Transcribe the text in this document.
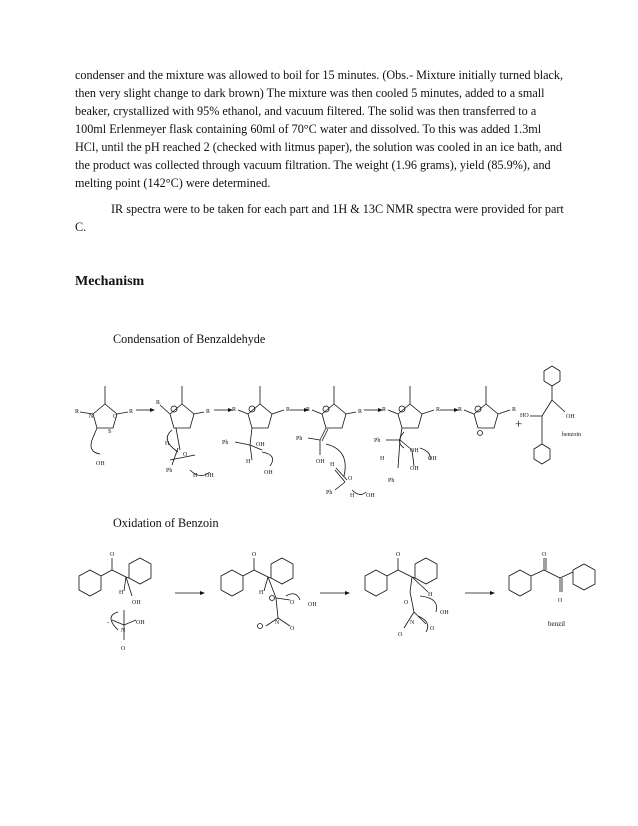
condenser and the mixture was allowed to boil for 15 minutes. (Obs.- Mixture initially turned black, then very slight change to dark brown) The mixture was then cooled 5 minutes, added to a small beaker, crystallized with 95% ethanol, and vacuum filtered. The solid was then transferred to a 100ml Erlenmeyer flask containing 60ml of 70°C water and dissolved. To this was added 1.3ml HCl, until the pH reached 2 (checked with litmus paper), the solution was cooled in an ice bath, and the product was collected through vacuum filtration. The weight (1.96 grams), yield (85.9%), and melting point (142°C) were determined.

IR spectra were to be taken for each part and 1H & 13C NMR spectra were provided for part C.

Mechanism
Condensation of Benzaldehyde
R	R
N	C
S
OH
R
R
H
O
Ph
H OH
R	R
Ph	OH
H
OH
R	R
Ph
OH H
O
Ph	H OH
R	R
Ph
OH
H	OH
OH
Ph
R	R
+
HO	OH
benzoin
Oxidation of Benzoin
O
H
OH
-	OH
N
O
O
H
O OH
N
O
O
H
O
OH
N
O
O
O
O
benzil
